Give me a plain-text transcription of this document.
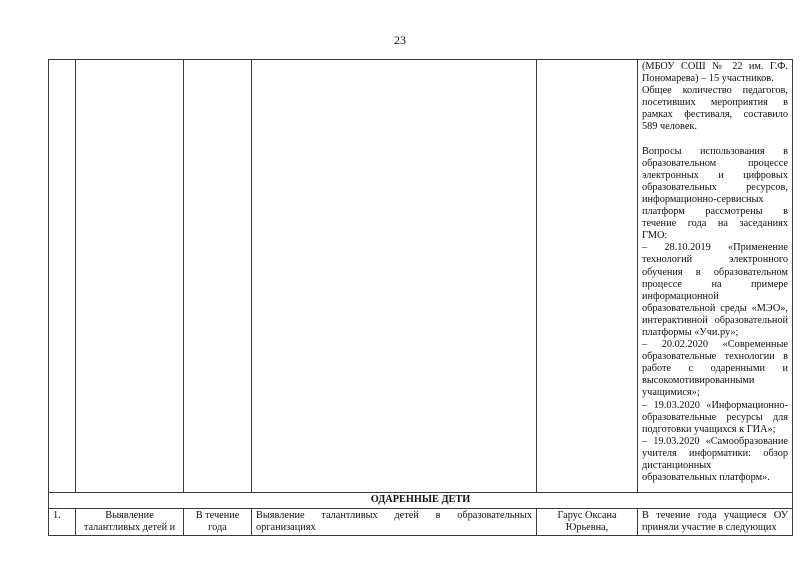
23

(МБОУ СОШ № 22 им. Г.Ф. Пономарева) – 15 участников.

Общее количество педагогов, посетивших мероприятия в рамках фестиваля, составило 589 человек.

Вопросы использования в образовательном процессе электронных и цифровых образовательных ресурсов, информационно-сервисных платформ рассмотрены в течение года на заседаниях ГМО:

– 28.10.2019 «Применение технологий электронного обучения в образовательном процессе на примере информационной образовательной среды «МЭО», интерактивной образовательной платформы «Учи.ру»;

– 20.02.2020 «Современные образовательные технологии в работе с одаренными и высокомотивированными учащимися»;

– 19.03.2020 «Информационно-образовательные ресурсы для подготовки учащихся к ГИА»;

– 19.03.2020 «Самообразование учителя информатики: обзор дистанционных образовательных платформ».

ОДАРЕННЫЕ ДЕТИ					
1.	Выявление талантливых детей и	В течение года	Выявление талантливых детей в образовательных организациях	Гарус Оксана Юрьевна,	В течение года учащиеся ОУ приняли участие в следующих
